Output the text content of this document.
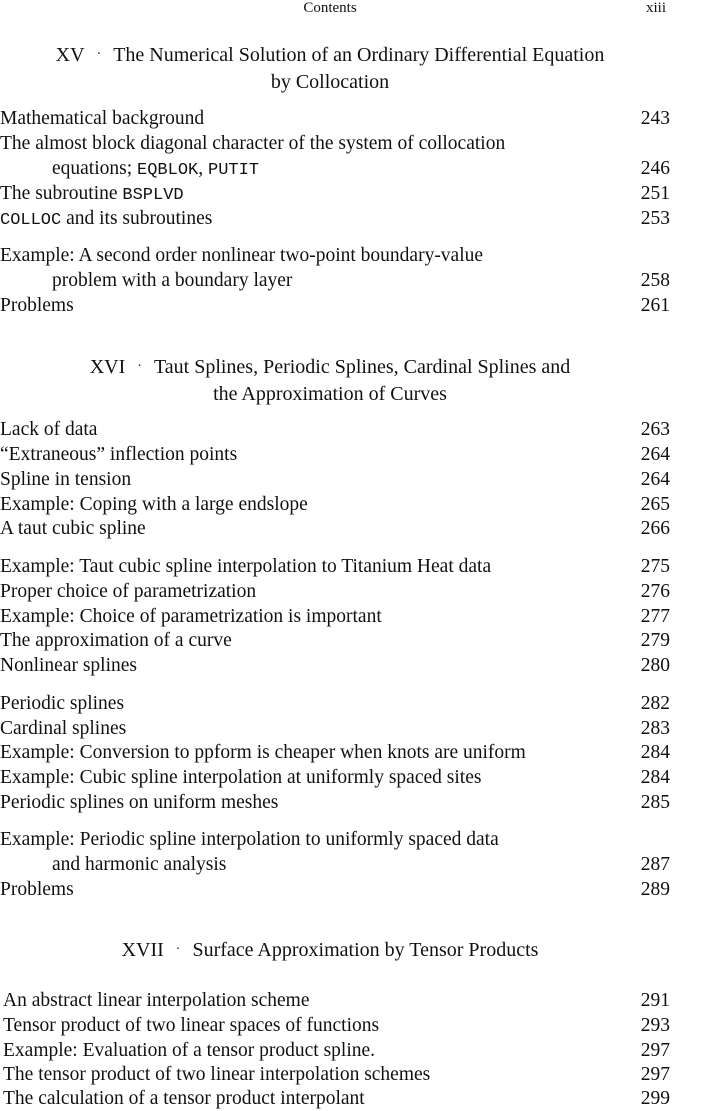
Contents	xiii
XV · The Numerical Solution of an Ordinary Differential Equation
by Collocation
Mathematical background	243
The almost block diagonal character of the system of collocation
equations; EQBLOK, PUTIT	246
The subroutine BSPLVD	251
COLLOC and its subroutines	253
Example: A second order nonlinear two-point boundary-value
problem with a boundary layer	258
Problems	261
XVI · Taut Splines, Periodic Splines, Cardinal Splines and
the Approximation of Curves
Lack of data	263
“Extraneous” inflection points	264
Spline in tension	264
Example: Coping with a large endslope	265
A taut cubic spline	266
Example: Taut cubic spline interpolation to Titanium Heat data	275
Proper choice of parametrization	276
Example: Choice of parametrization is important	277
The approximation of a curve	279
Nonlinear splines	280
Periodic splines	282
Cardinal splines	283
Example: Conversion to ppform is cheaper when knots are uniform	284
Example: Cubic spline interpolation at uniformly spaced sites	284
Periodic splines on uniform meshes	285
Example: Periodic spline interpolation to uniformly spaced data
and harmonic analysis	287
Problems	289
XVII · Surface Approximation by Tensor Products
An abstract linear interpolation scheme	291
Tensor product of two linear spaces of functions	293
Example: Evaluation of a tensor product spline.	297
The tensor product of two linear interpolation schemes	297
The calculation of a tensor product interpolant	299
